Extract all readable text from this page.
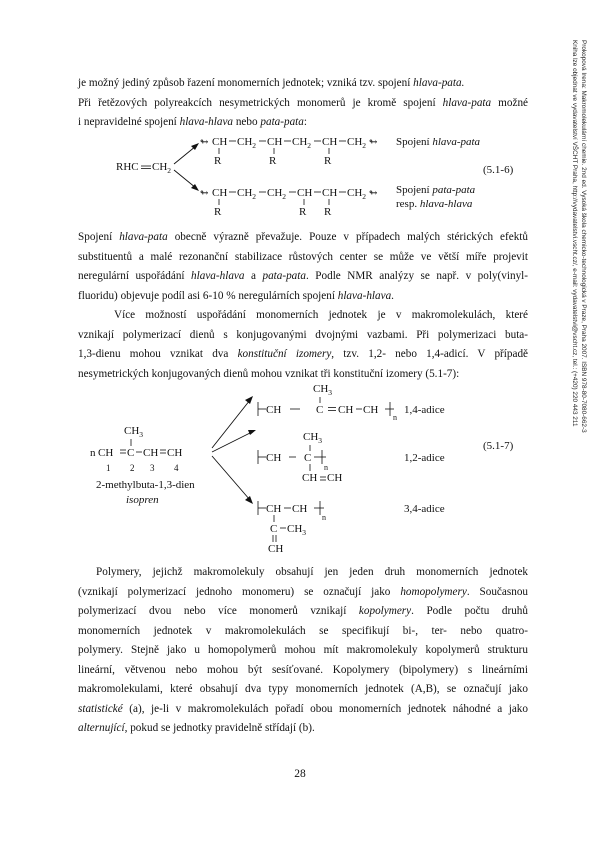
je možný jediný způsob řazení monomerních jednotek; vzniká tzv. spojení hlava-pata.
Při řetězových polyreakcích nesymetrických monomerů je kromě spojení hlava-pata možné
i nepravidelné spojení hlava-hlava nebo pata-pata:
RHC $CH_2$
↬ CH $CH_2$ CH $CH_2$ CH $CH_2$ ↬
R	R	R
Spojení hlava-pata
(5.1-6)
↬ CH $CH_2$ $CH_2$ CH CH $CH_2$ ↬
R	R R
Spojení pata-pata
resp. hlava-hlava
Spojení hlava-pata obecně výrazně převažuje. Pouze v případech malých stérických efektů
substituentů a malé rezonanční stabilizace růstových center se může ve větší míře projevit
neregulární uspořádání hlava-hlava a pata-pata. Podle NMR analýzy se např. v poly(vinyl-
fluoridu) objevuje podíl asi 6-10 % neregulárních spojení hlava-hlava.
Více možností uspořádání monomerních jednotek je v makromolekulách, které
vznikají polymerizací dienů s konjugovanými dvojnými vazbami. Při polymerizaci buta-
1,3-dienu mohou vznikat dva konstituční izomery, tzv. 1,2- nebo 1,4-adicí. V případě
nesymetrických konjugovaných dienů mohou vznikat tři konstituční izomery (5.1-7):
$CH_3$
n CH C CH CH
1 2 3 4
2-methylbuta-1,3-dien
isopren
$CH_3$
CH	C CH CH
n
1,4-adice
$CH_3$
CH C
n
CH CH
1,2-adice
(5.1-7)
CH CH
n
3,4-adice
C $CH_3$
CH
Polymery, jejichž makromolekuly obsahují jen jeden druh monomerních jednotek
(vznikají polymerizací jednoho monomeru) se označují jako homopolymery. Současnou
polymerizací dvou nebo více monomerů vznikají kopolymery. Podle počtu druhů
monomerních jednotek v makromolekulách se specifikují bi-, ter- nebo quatro-
polymery. Stejně jako u homopolymerů mohou mít makromolekuly kopolymerů strukturu
lineární, větvenou nebo mohou být sesíťované. Kopolymery (bipolymery) s lineárními
makromolekulami, které obsahují dva typy monomerních jednotek (A,B), se označují jako
statistické (a), je-li v makromolekulách pořadí obou monomerních jednotek náhodné a jako
alternující, pokud se jednotky pravidelně střídají (b).
Prokopová Irena: Makromolekulární chemie. 2nd ed. Vysoká škola chemicko-technologická v Praze, Praha 2007. ISBN 978-80-7080-662-3
Kniha lze objednat ve vydavatelství VŠCHT Praha, http://vydavatelstvi.vscht.cz/, e-mail: vydavatelstvi@vscht.cz, tel.: (+420) 220 443 211
28
